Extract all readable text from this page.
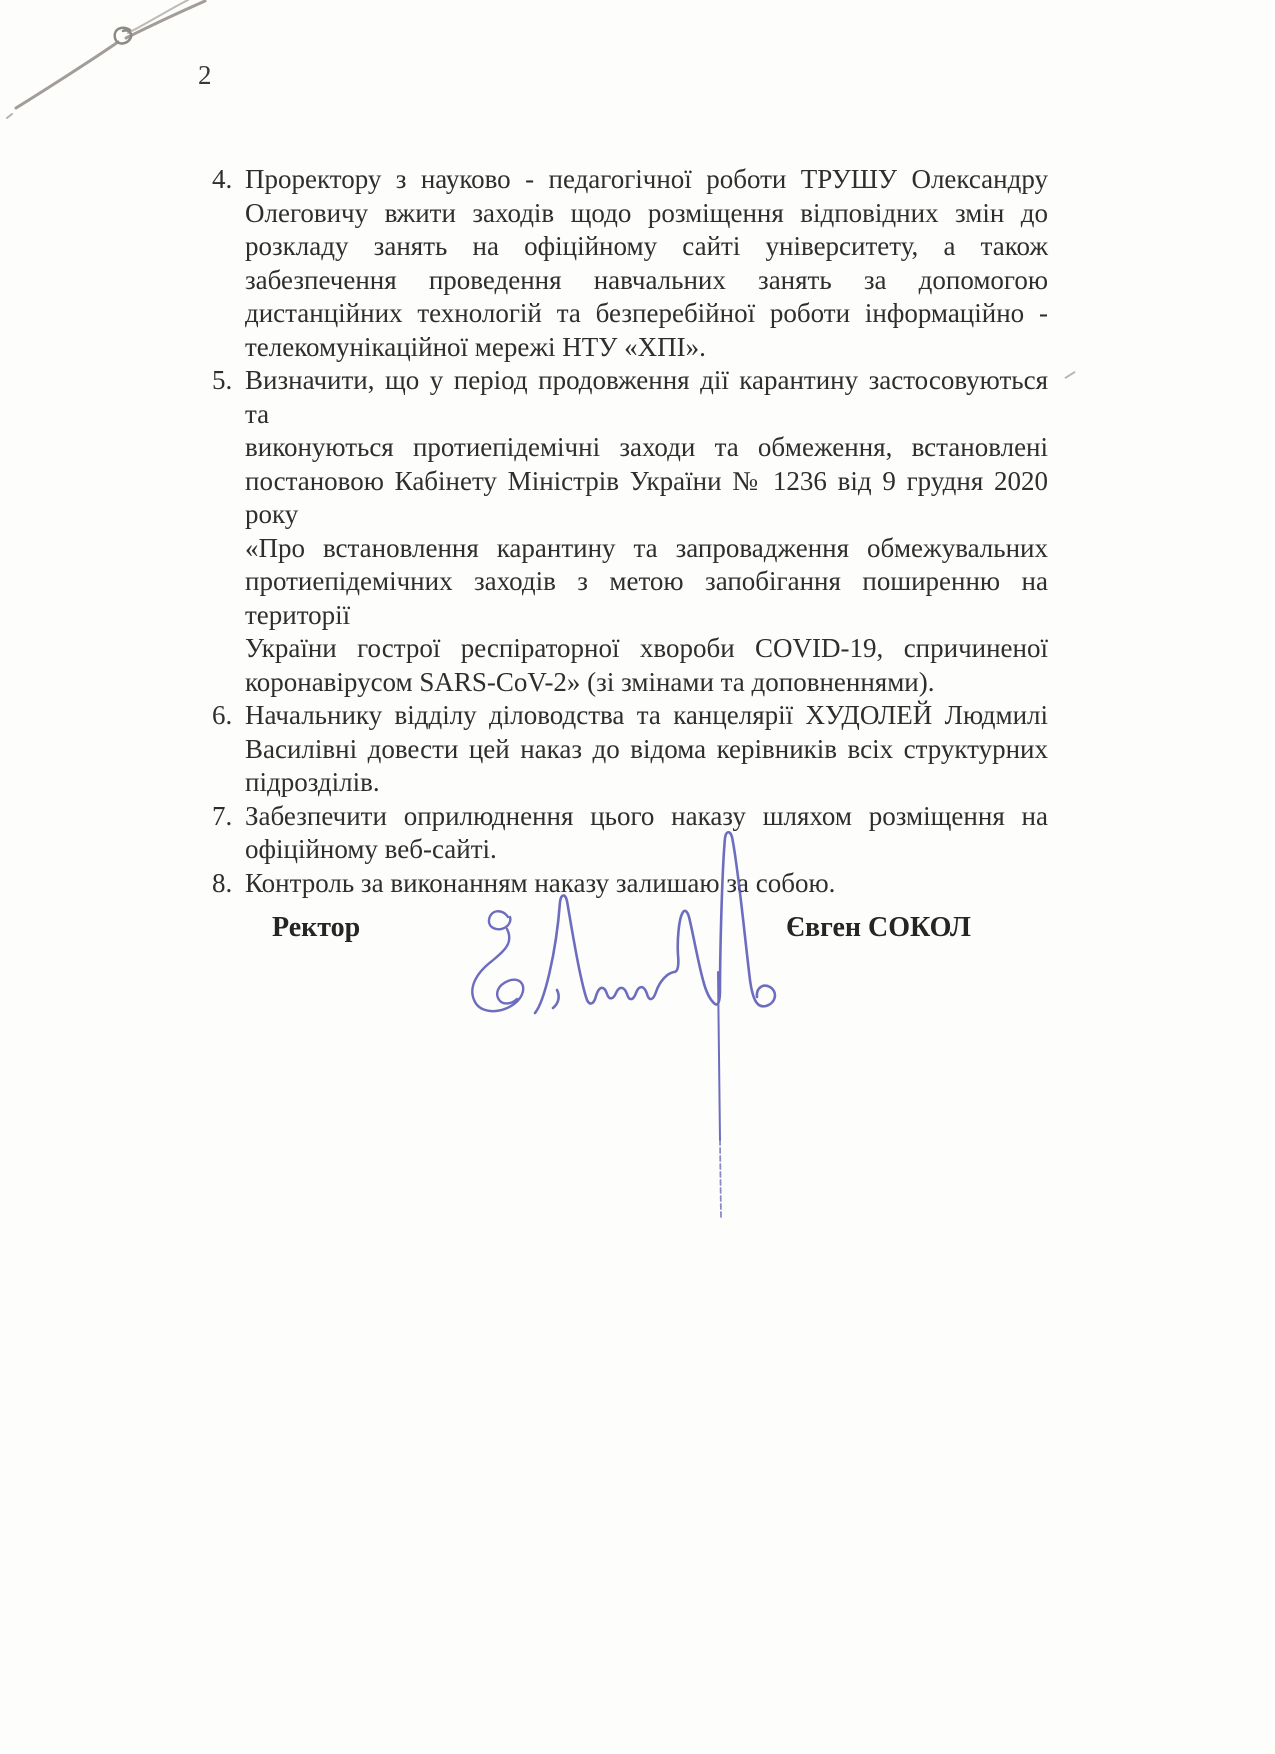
2
4. Проректору з науково - педагогічної роботи ТРУШУ Олександру
Олеговичу вжити заходів щодо розміщення відповідних змін до
розкладу занять на офіційному сайті університету, а також
забезпечення проведення навчальних занять за допомогою
дистанційних технологій та безперебійної роботи інформаційно -
телекомунікаційної мережі НТУ «ХПІ».
5. Визначити, що у період продовження дії карантину застосовуються та
виконуються протиепідемічні заходи та обмеження, встановлені
постановою Кабінету Міністрів України № 1236 від 9 грудня 2020 року
«Про встановлення карантину та запровадження обмежувальних
протиепідемічних заходів з метою запобігання поширенню на території
України гострої респіраторної хвороби COVID-19, спричиненої
коронавірусом SARS-CoV-2» (зі змінами та доповненнями).
6. Начальнику відділу діловодства та канцелярії ХУДОЛЕЙ Людмилі
Василівні довести цей наказ до відома керівників всіх структурних
підрозділів.
7. Забезпечити оприлюднення цього наказу шляхом розміщення на
офіційному веб-сайті.
8. Контроль за виконанням наказу залишаю за собою.
Ректор	Євген СОКОЛ
